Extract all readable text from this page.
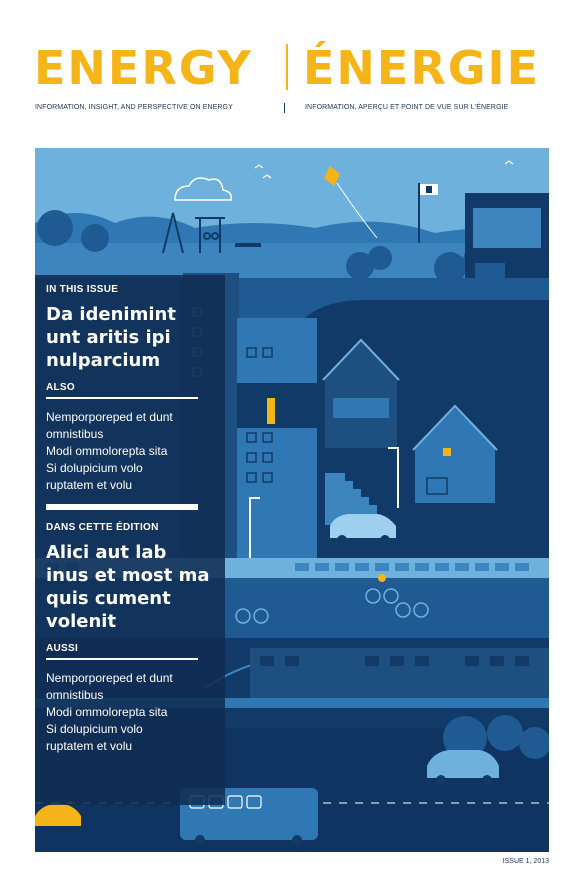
ENERGY ÉNERGIE
INFORMATION, INSIGHT, AND PERSPECTIVE ON ENERGY	INFORMATION, APERÇU ET POINT DE VUE SUR L'ÉNERGIE

IN THIS ISSUE

Da idenimint
unt aritis ipi
nulparcium

ALSO

Nemporporeped et dunt

omnistibus

Modi ommolorepta sita

Si dolupicium volo

ruptatem et volu

DANS CETTE ÉDITION

Alici aut lab
inus et most ma
quis cument
volenit

AUSSI

Nemporporeped et dunt

omnistibus

Modi ommolorepta sita

Si dolupicium volo

ruptatem et volu

ISSUE 1, 2013
